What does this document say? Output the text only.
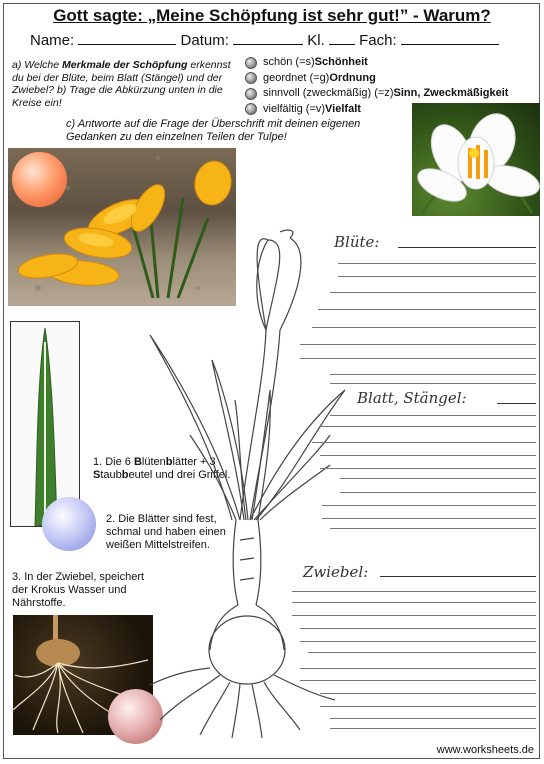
Gott sagte: „Meine Schöpfung ist sehr gut!” - Warum?
Name:	Datum:	Kl. Fach:
a) Welche Merkmale der Schöpfung erkennst du bei der Blüte, beim Blatt (Stängel) und der Zwiebel? b) Trage die Abkürzung unten in die Kreise ein!
schön (=s) Schönheit
geordnet (=g) Ordnung
sinnvoll (zweckmäßig) (=z) Sinn, Zweckmäßigkeit
vielfältig (=v) Vielfalt
c) Antworte auf die Frage der Überschrift mit deinen eigenen Gedanken zu den einzelnen Teilen der Tulpe!
1. Die 6 Blütenblätter + 3 Staubbeutel und drei Griffel.
2. Die Blätter sind fest, schmal und haben einen weißen Mittelstreifen.
3. In der Zwiebel, speichert der Krokus Wasser und Nährstoffe.
Blüte:
Blatt, Stängel:
Zwiebel:
www.worksheets.de
